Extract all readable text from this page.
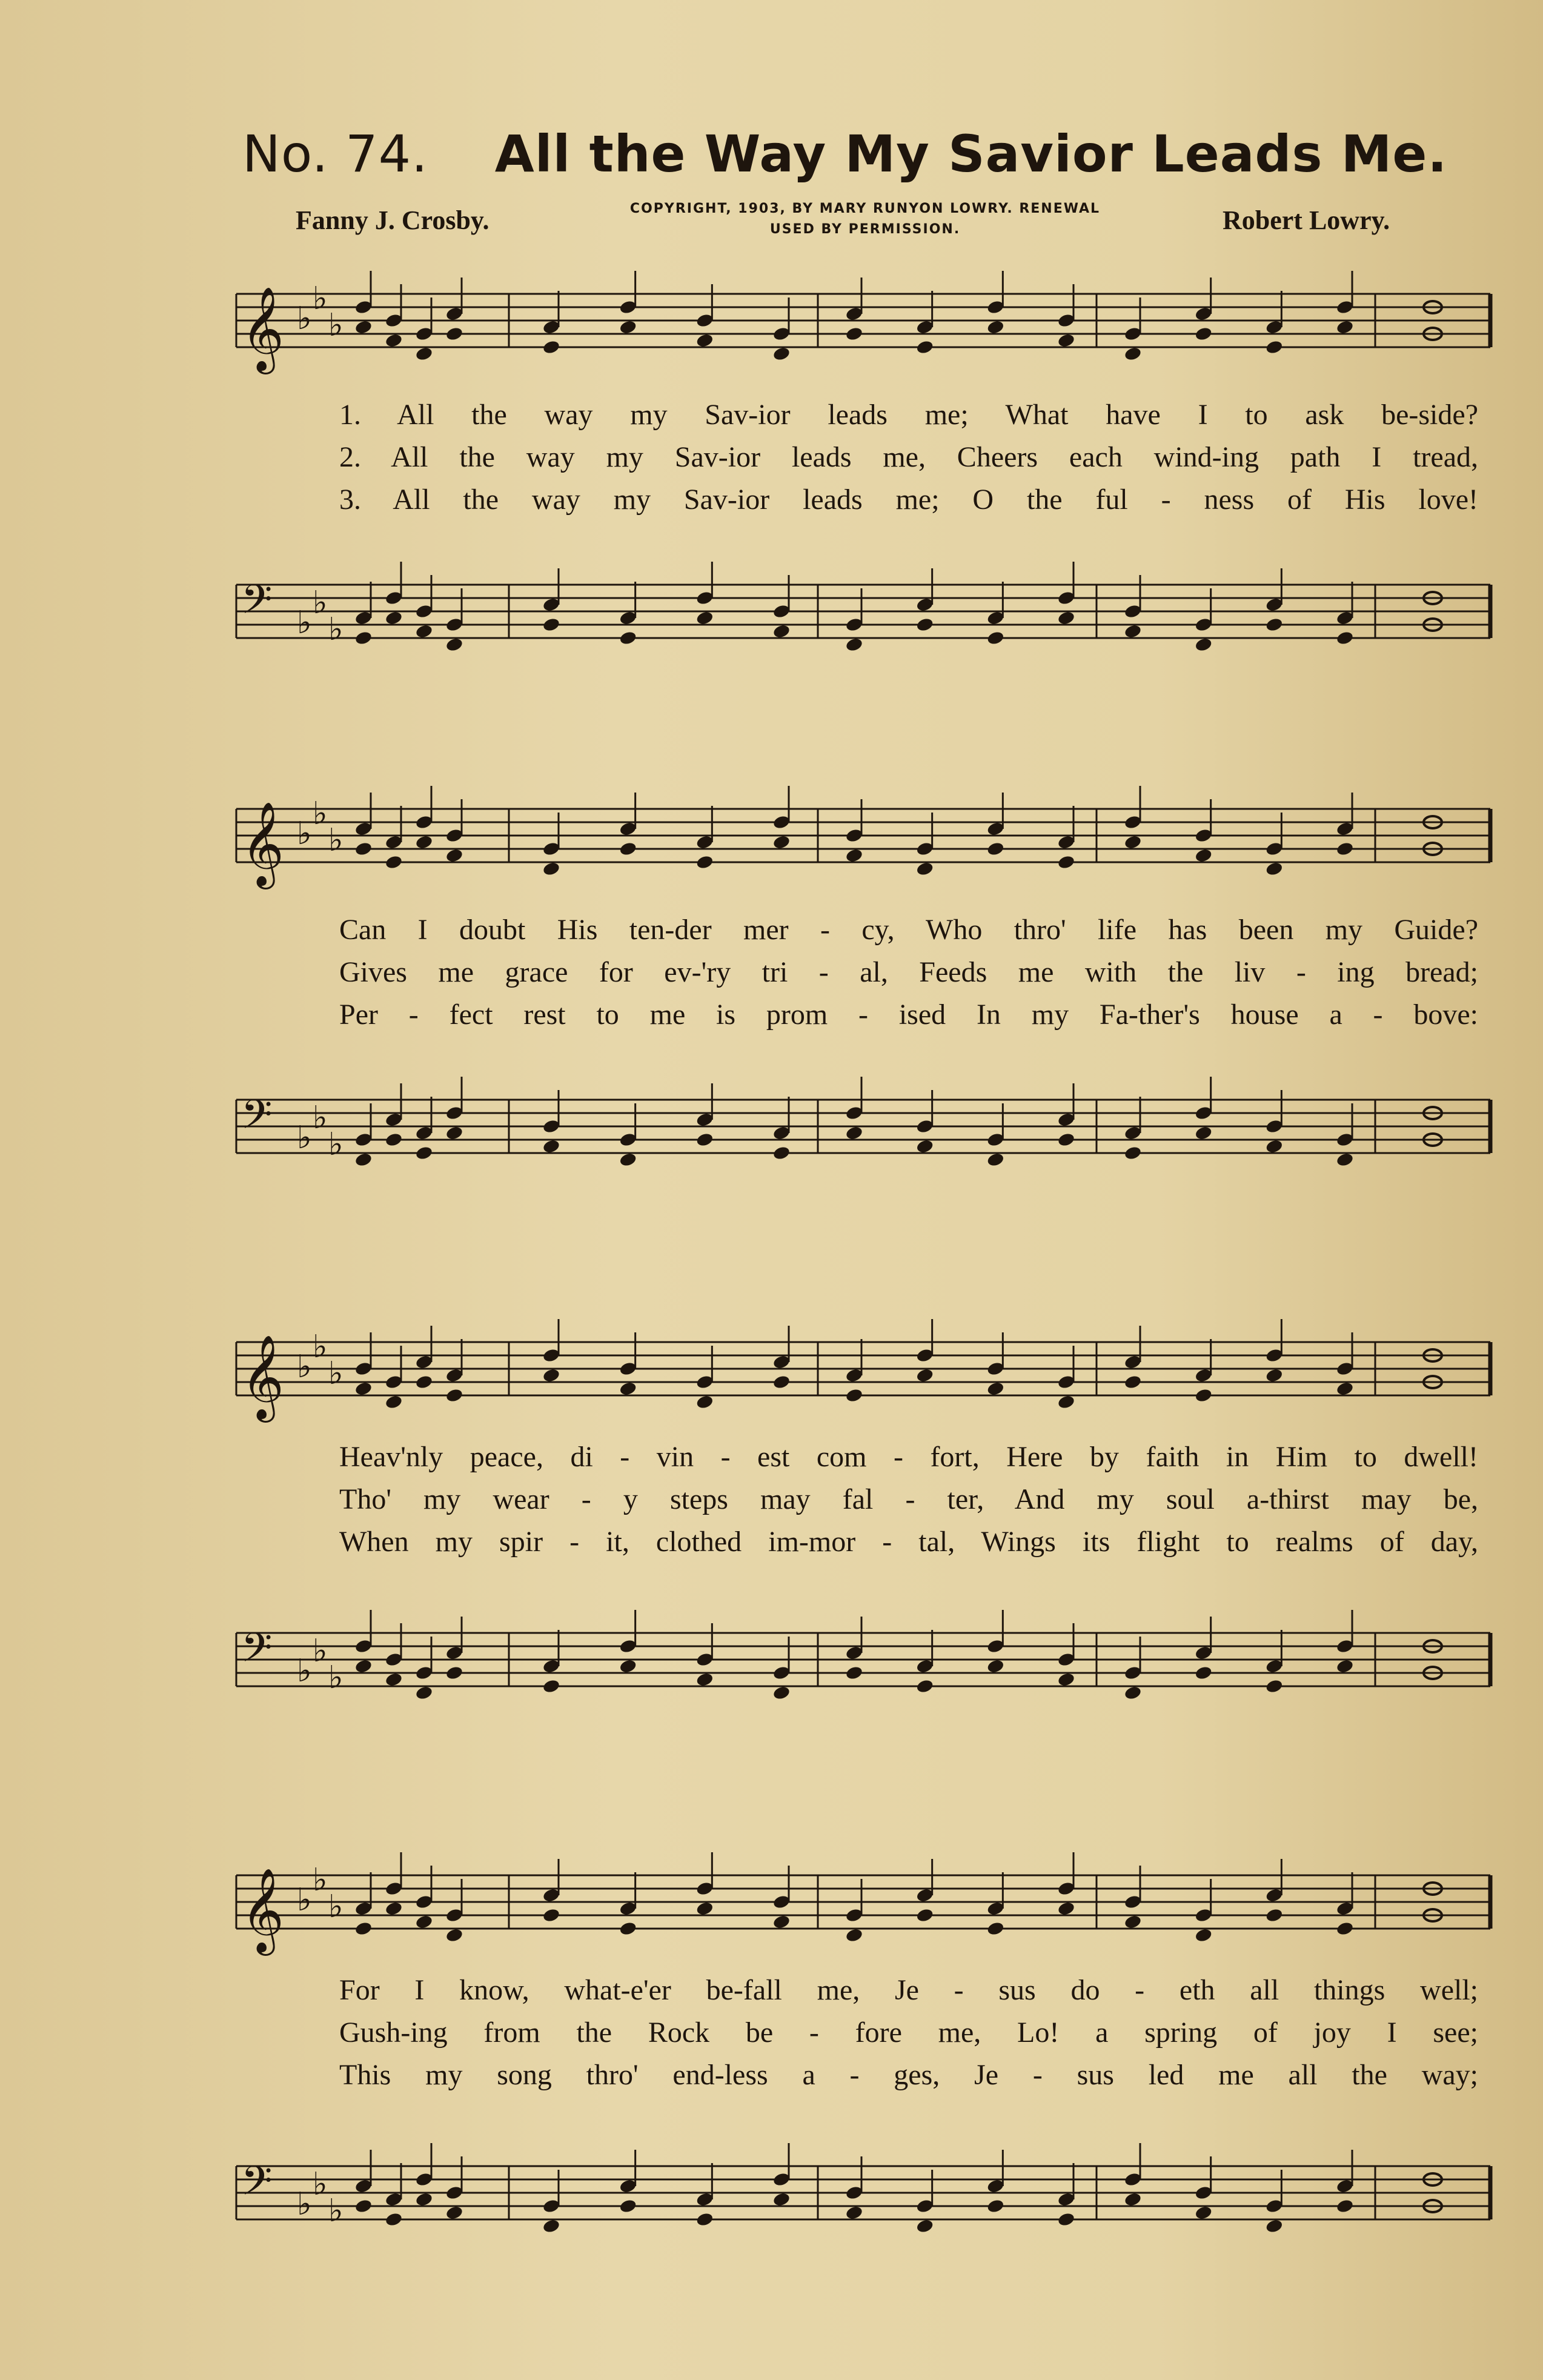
No. 74. All the Way My Savior Leads Me.
Fanny J. Crosby.	COPYRIGHT, 1903, BY MARY RUNYON LOWRY. RENEWAL
USED BY PERMISSION.	Robert Lowry.
𝄞 ♭
♭
♭
1. All the way my Sav-ior leads me; What have I to ask be-side?
2. All the way my Sav-ior leads me, Cheers each wind-ing path I tread,
3. All the way my Sav-ior leads me; O the ful - ness of His love!
𝄢 ♭
♭
♭
𝄞 ♭
♭
♭
Can I doubt His ten-der mer - cy, Who thro' life has been my Guide?
Gives me grace for ev-'ry tri - al, Feeds me with the liv - ing bread;
Per - fect rest to me is prom - ised In my Fa-ther's house a - bove:
𝄢 ♭
♭
♭
𝄞 ♭
♭
♭
Heav'nly peace, di - vin - est com - fort, Here by faith in Him to dwell!
Tho' my wear - y steps may fal - ter, And my soul a-thirst may be,
When my spir - it, clothed im-mor - tal, Wings its flight to realms of day,
𝄢 ♭
♭
♭
𝄞 ♭
♭
♭
For I know, what-e'er be-fall me, Je - sus do - eth all things well;
Gush-ing from the Rock be - fore me, Lo! a spring of joy I see;
This my song thro' end-less a - ges, Je - sus led me all the way;
𝄢 ♭
♭
♭
